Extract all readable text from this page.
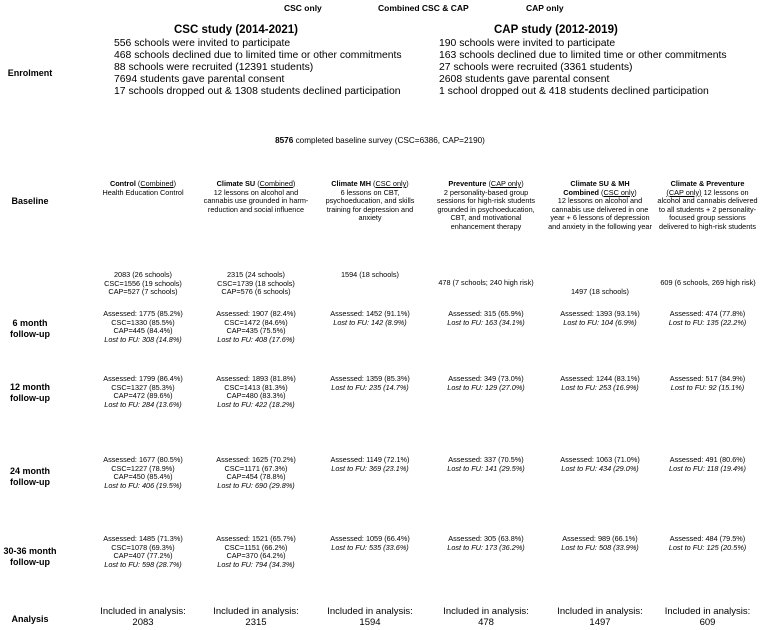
CSC only	Combined CSC & CAP	CAP only
Enrolment
Baseline
6 month
follow-up
12 month
follow-up
24 month
follow-up
30-36 month
follow-up
Analysis
CSC study (2014-2021)
556 schools were invited to participate
468 schools declined due to limited time or other commitments
88 schools were recruited (12391 students)
7694 students gave parental consent
17 schools dropped out & 1308 students declined participation
CAP study (2012-2019)
190 schools were invited to participate
163 schools declined due to limited time or other commitments
27 schools were recruited (3361 students)
2608 students gave parental consent
1 school dropped out & 418 students declined participation
8576 completed baseline survey (CSC=6386, CAP=2190)
Control (Combined)
Health Education Control
2083 (26 schools)
CSC=1556 (19 schools)
CAP=527 (7 schools)
Assessed: 1775 (85.2%)
CSC=1330 (85.5%)
CAP=445 (84.4%)
Lost to FU: 308 (14.8%)
Assessed: 1799 (86.4%)
CSC=1327 (85.3%)
CAP=472 (89.6%)
Lost to FU: 284 (13.6%)
Assessed: 1677 (80.5%)
CSC=1227 (78.9%)
CAP=450 (85.4%)
Lost to FU: 406 (19.5%)
Assessed: 1485 (71.3%)
CSC=1078 (69.3%)
CAP=407 (77.2%)
Lost to FU: 598 (28.7%)
Included in analysis:
2083
Climate SU (Combined)
12 lessons on alcohol and cannabis use grounded in harm-reduction and social influence
2315 (24 schools)
CSC=1739 (18 schools)
CAP=576 (6 schools)
Assessed: 1907 (82.4%)
CSC=1472 (84.6%)
CAP=435 (75.5%)
Lost to FU: 408 (17.6%)
Assessed: 1893 (81.8%)
CSC=1413 (81.3%)
CAP=480 (83.3%)
Lost to FU: 422 (18.2%)
Assessed: 1625 (70.2%)
CSC=1171 (67.3%)
CAP=454 (78.8%)
Lost to FU: 690 (29.8%)
Assessed: 1521 (65.7%)
CSC=1151 (66.2%)
CAP=370 (64.2%)
Lost to FU: 794 (34.3%)
Included in analysis:
2315
Climate MH (CSC only)
6 lessons on CBT, psychoeducation, and skills training for depression and anxiety
1594 (18 schools)
Assessed: 1452 (91.1%)
Lost to FU: 142 (8.9%)
Assessed: 1359 (85.3%)
Lost to FU: 235 (14.7%)
Assessed: 1149 (72.1%)
Lost to FU: 369 (23.1%)
Assessed: 1059 (66.4%)
Lost to FU: 535 (33.6%)
Included in analysis:
1594
Preventure (CAP only)
2 personality-based group sessions for high-risk students grounded in psychoeducation, CBT, and motivational enhancement therapy
478 (7 schools; 240 high risk)
Assessed: 315 (65.9%)
Lost to FU: 163 (34.1%)
Assessed: 349 (73.0%)
Lost to FU: 129 (27.0%)
Assessed: 337 (70.5%)
Lost to FU: 141 (29.5%)
Assessed: 305 (63.8%)
Lost to FU: 173 (36.2%)
Included in analysis:
478
Climate SU & MH
Combined (CSC only)
12 lessons on alcohol and cannabis use delivered in one year + 6 lessons of depression and anxiety in the following year
1497 (18 schools)
Assessed: 1393 (93.1%)
Lost to FU: 104 (6.9%)
Assessed: 1244 (83.1%)
Lost to FU: 253 (16.9%)
Assessed: 1063 (71.0%)
Lost to FU: 434 (29.0%)
Assessed: 989 (66.1%)
Lost to FU: 508 (33.9%)
Included in analysis:
1497
Climate & Preventure
(CAP only) 12 lessons on alcohol and cannabis delivered to all students + 2 personality-focused group sessions delivered to high-risk students
609 (6 schools, 269 high risk)
Assessed: 474 (77.8%)
Lost to FU: 135 (22.2%)
Assessed: 517 (84.9%)
Lost to FU: 92 (15.1%)
Assessed: 491 (80.6%)
Lost to FU: 118 (19.4%)
Assessed: 484 (79.5%)
Lost to FU: 125 (20.5%)
Included in analysis:
609
